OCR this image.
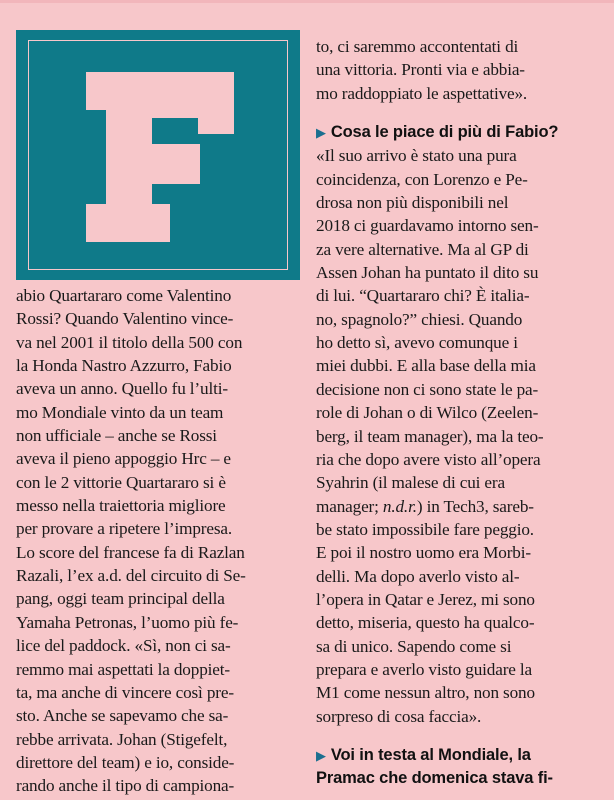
abio Quartararo come Valentino
Rossi? Quando Valentino vince-
va nel 2001 il titolo della 500 con
la Honda Nastro Azzurro, Fabio
aveva un anno. Quello fu l’ulti-
mo Mondiale vinto da un team
non ufficiale – anche se Rossi
aveva il pieno appoggio Hrc – e
con le 2 vittorie Quartararo si è
messo nella traiettoria migliore
per provare a ripetere l’impresa.
Lo score del francese fa di Razlan
Razali, l’ex a.d. del circuito di Se-
pang, oggi team principal della
Yamaha Petronas, l’uomo più fe-
lice del paddock. «Sì, non ci sa-
remmo mai aspettati la doppiet-
ta, ma anche di vincere così pre-
sto. Anche se sapevamo che sa-
rebbe arrivata. Johan (Stigefelt,
direttore del team) e io, conside-
rando anche il tipo di campiona-
to, ci saremmo accontentati di
una vittoria. Pronti via e abbia-
mo raddoppiato le aspettative».
▶ Cosa le piace di più di Fabio?
«Il suo arrivo è stato una pura
coincidenza, con Lorenzo e Pe-
drosa non più disponibili nel
2018 ci guardavamo intorno sen-
za vere alternative. Ma al GP di
Assen Johan ha puntato il dito su
di lui. “Quartararo chi? È italia-
no, spagnolo?” chiesi. Quando
ho detto sì, avevo comunque i
miei dubbi. E alla base della mia
decisione non ci sono state le pa-
role di Johan o di Wilco (Zeelen-
berg, il team manager), ma la teo-
ria che dopo avere visto all’opera
Syahrin (il malese di cui era
manager; n.d.r.) in Tech3, sareb-
be stato impossibile fare peggio.
E poi il nostro uomo era Morbi-
delli. Ma dopo averlo visto al-
l’opera in Qatar e Jerez, mi sono
detto, miseria, questo ha qualco-
sa di unico. Sapendo come si
prepara e averlo visto guidare la
M1 come nessun altro, non sono
sorpreso di cosa faccia».
▶ Voi in testa al Mondiale, la
Pramac che domenica stava fi-
